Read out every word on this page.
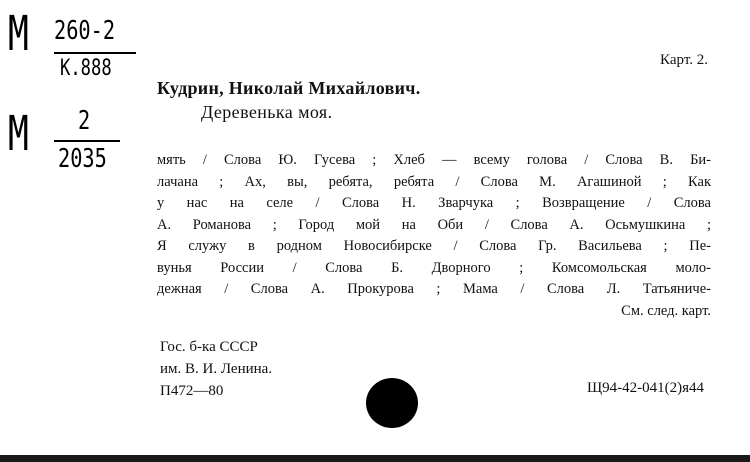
М 260-2
К.888
М 2
2035
Карт. 2.
Кудрин, Николай Михайлович.
Деревенька моя.
мять / Слова Ю. Гусева ; Хлеб — всему голова / Слова В. Би-
лачана ; Ах, вы, ребята, ребята / Слова М. Агашиной ; Как
у нас на селе / Слова Н. Зварчука ; Возвращение / Слова
А. Романова ; Город мой на Оби / Слова А. Осьмушкина ;
Я служу в родном Новосибирске / Слова Гр. Васильева ; Пе-
вунья России / Слова Б. Дворного ; Комсомольская моло-
дежная / Слова А. Прокурова ; Мама / Слова Л. Татьяниче-
См. след. карт.
Гос. б-ка СССР
им. В. И. Ленина.
П472—80	Щ94-42-041(2)я44
